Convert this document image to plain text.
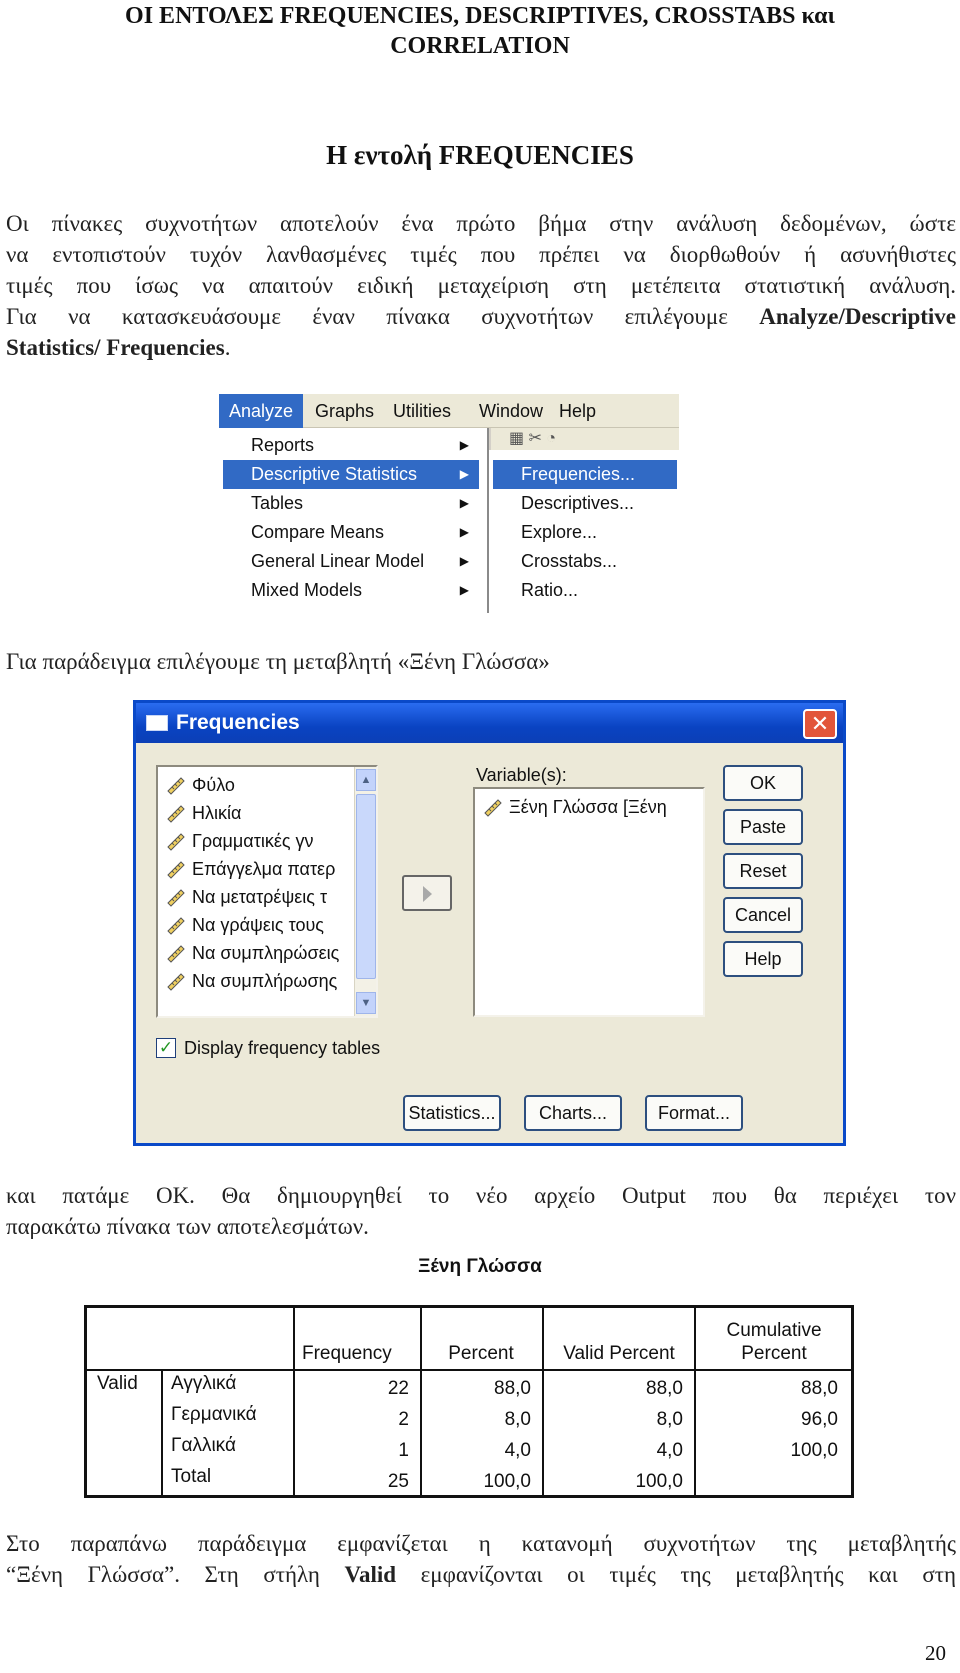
ΟΙ ΕΝΤΟΛΕΣ FREQUENCIES, DESCRIPTIVES, CROSSTABS και
CORRELATION
Η εντολή FREQUENCIES
Οι πίνακες συχνοτήτων αποτελούν ένα πρώτο βήμα στην ανάλυση δεδομένων, ώστε
να εντοπιστούν τυχόν λανθασμένες τιμές που πρέπει να διορθωθούν ή ασυνήθιστες
τιμές που ίσως να απαιτούν ειδική μεταχείριση στη μετέπειτα στατιστική ανάλυση.
Για να κατασκευάσουμε έναν πίνακα συχνοτήτων επιλέγουμε Analyze/Descriptive
Statistics/ Frequencies.
Analyze	Graphs	Utilities	Window Help
▦ ✂ ◔
Reports	▶
Descriptive Statistics	▶
Tables	▶
Compare Means	▶
General Linear Model	▶
Mixed Models	▶
Frequencies...
Descriptives...
Explore...
Crosstabs...
Ratio...
Για παράδειγμα επιλέγουμε τη μεταβλητή «Ξένη Γλώσσα»
Frequencies	✕
Φύλο
Ηλικία
Γραμματικές γν
Επάγγελμα πατερ
Να μετατρέψεις τ
Να γράψεις τους
Να συμπληρώσεις
Να συμπλήρωσης
▲
▼
Variable(s):
Ξένη Γλώσσα [Ξένη
OK
Paste
Reset
Cancel
Help
✓ Display frequency tables
Statistics...	Charts...	Format...
και πατάμε OK. Θα δημιουργηθεί το νέο αρχείο Output που θα περιέχει τον
παρακάτω πίνακα των αποτελεσμάτων.
Ξένη Γλώσσα
Frequency	Percent	Valid Percent
Cumulative
Percent
Valid Αγγλικά	22	88,0	88,0	88,0
Γερμανικά	2	8,0	8,0	96,0
Γαλλικά	1	4,0	4,0	100,0
Total	25	100,0	100,0
Στο παραπάνω παράδειγμα εμφανίζεται η κατανομή συχνοτήτων της μεταβλητής
“Ξένη Γλώσσα”. Στη στήλη Valid εμφανίζονται οι τιμές της μεταβλητής και στη
20
